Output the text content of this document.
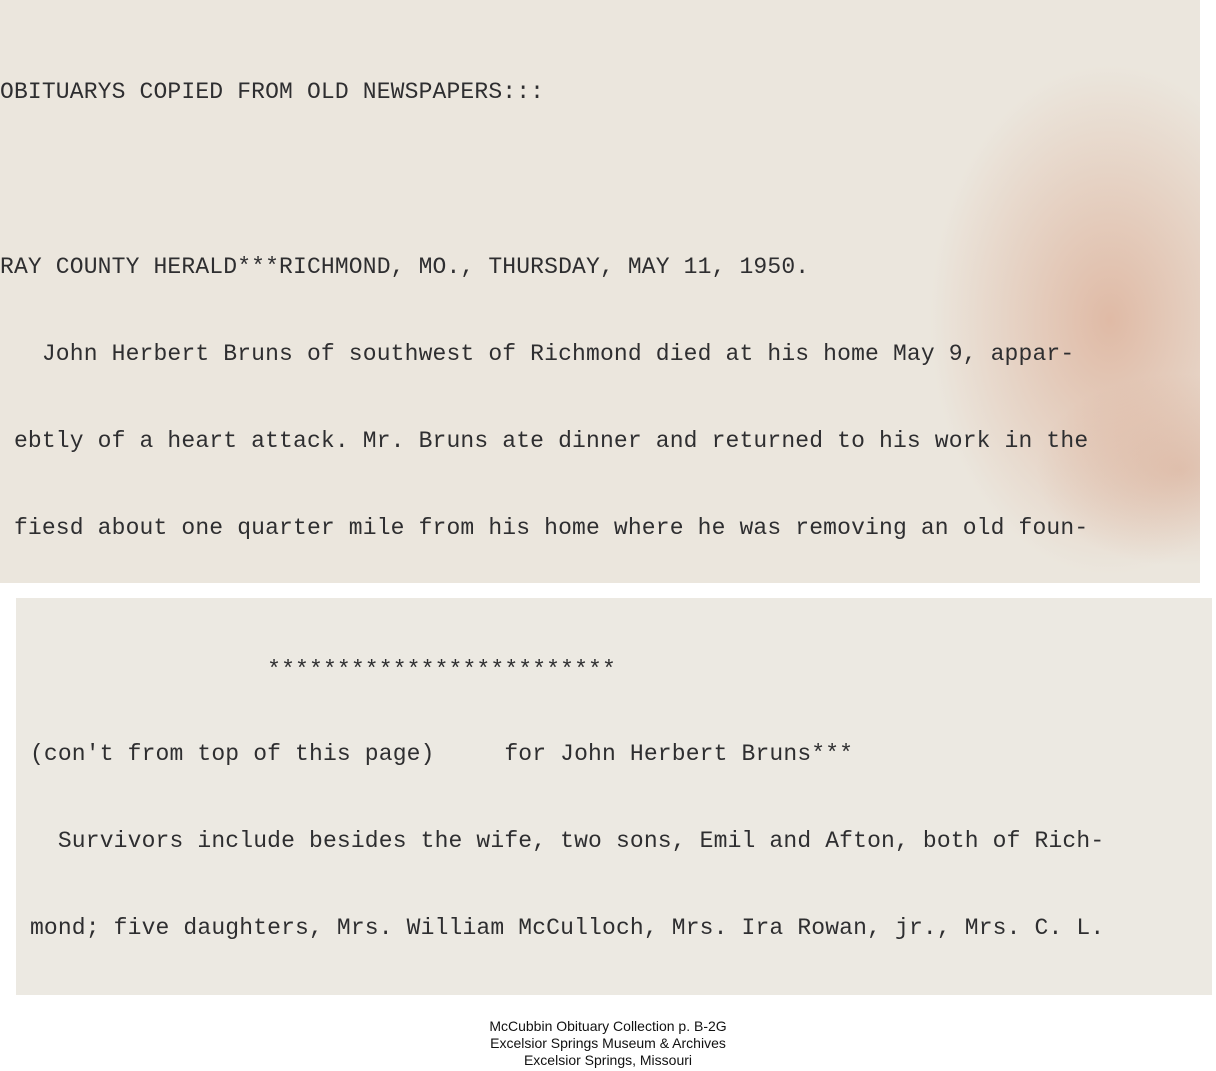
OBITUARYS COPIED FROM OLD NEWSPAPERS:::

RAY COUNTY HERALD***RICHMOND, MO., THURSDAY, MAY 11, 1950.

John Herbert Bruns of southwest of Richmond died at his home May 9, appar-

ebtly of a heart attack. Mr. Bruns ate dinner and returned to his work in the

fiesd about one quarter mile from his home where he was removing an old foun-

*************************

(con't from top of this page)     for John Herbert Bruns***

Survivors include besides the wife, two sons, Emil and Afton, both of Rich-

mond; five daughters, Mrs. William McCulloch, Mrs. Ira Rowan, jr., Mrs. C. L.

McCubbin Obituary Collection p. B-2G
Excelsior Springs Museum & Archives
Excelsior Springs, Missouri
